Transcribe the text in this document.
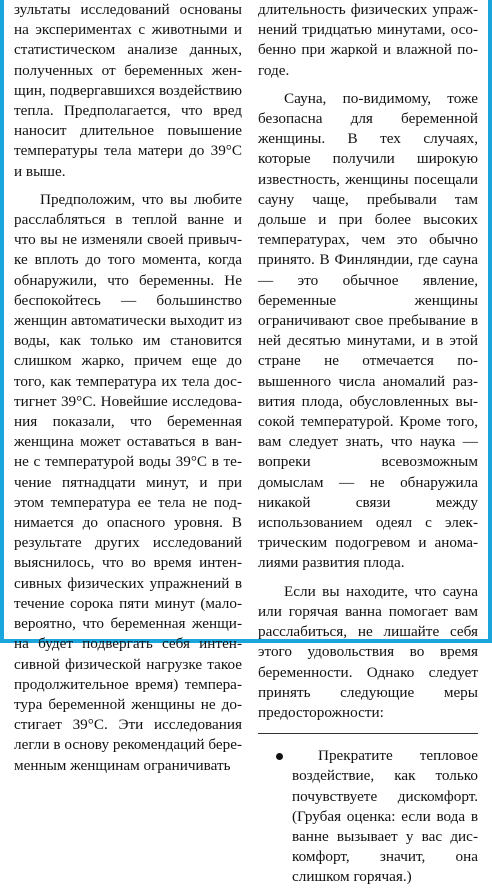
зультаты исследований основаны на экспериментах с животными и статистическом анализе данных, полученных от беременных женщин, подвергавшихся воздействию тепла. Предполагается, что вред наносит длительное повышение температуры тела матери до 39°С и выше.

Предположим, что вы любите расслабляться в теплой ванне и что вы не изменяли своей привычке вплоть до того момента, когда обнаружили, что беременны. Не беспокойтесь — большинство женщин автоматически выходит из воды, как только им становится слишком жарко, причем еще до того, как температура их тела достигнет 39°С. Новейшие исследования показали, что беременная женщина может оставаться в ванне с температурой воды 39°С в течение пятнадцати минут, и при этом температура ее тела не поднимается до опасного уровня. В результате других исследований выяснилось, что во время интенсивных физических упражнений в течение сорока пяти минут (маловероятно, что беременная женщина будет подвергать себя интенсивной физической нагрузке такое продолжительное время) температура беременной женщины не достигает 39°С. Эти исследования легли в основу рекомендаций беременным женщинам ограничивать

длительность физических упражнений тридцатью минутами, особенно при жаркой и влажной погоде.

Сауна, по-видимому, тоже безопасна для беременной женщины. В тех случаях, которые получили широкую известность, женщины посещали сауну чаще, пребывали там дольше и при более высоких температурах, чем это обычно принято. В Финляндии, где сауна — это обычное явление, беременные женщины ограничивают свое пребывание в ней десятью минутами, и в этой стране не отмечается повышенного числа аномалий развития плода, обусловленных высокой температурой. Кроме того, вам следует знать, что наука — вопреки всевозможным домыслам — не обнаружила никакой связи между использованием одеял с электрическим подогревом и аномалиями развития плода.

Если вы находите, что сауна или горячая ванна помогает вам расслабиться, не лишайте себя этого удовольствия во время беременности. Однако следует принять следующие меры предосторожности:

Прекратите тепловое воздействие, как только почувствуете дискомфорт. (Грубая оценка: если вода в ванне вызывает у вас дискомфорт, значит, она слишком горячая.)
